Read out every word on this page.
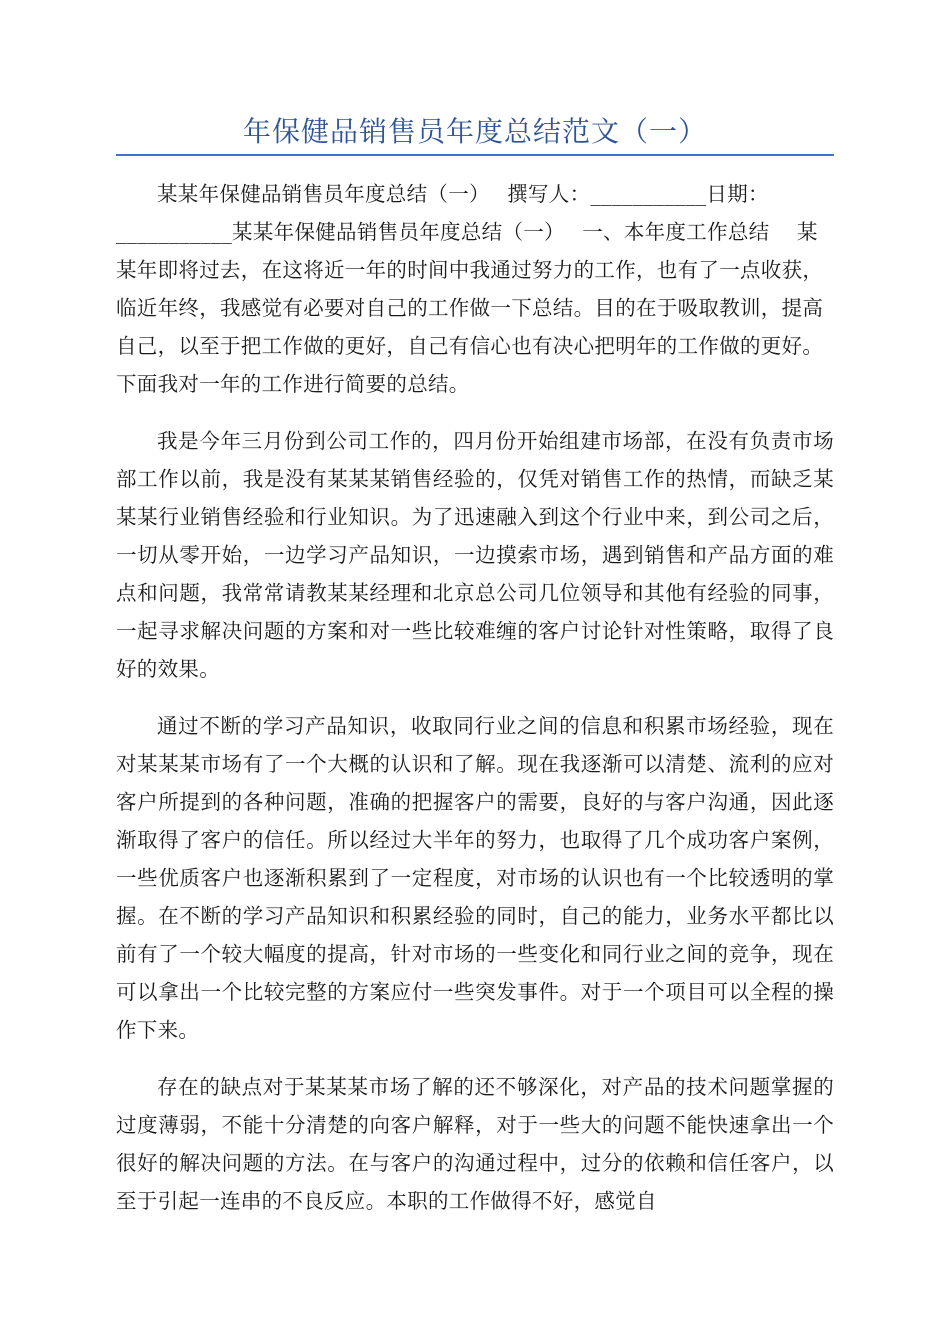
年保健品销售员年度总结范文（一）

某某年保健品销售员年度总结（一）　 撰写人：___________日期：___________某某年保健品销售员年度总结（一）　 一、本年度工作总结　 某某年即将过去，在这将近一年的时间中我通过努力的工作，也有了一点收获，临近年终，我感觉有必要对自己的工作做一下总结。目的在于吸取教训，提高自己，以至于把工作做的更好，自己有信心也有决心把明年的工作做的更好。下面我对一年的工作进行简要的总结。

我是今年三月份到公司工作的，四月份开始组建市场部，在没有负责市场部工作以前，我是没有某某某销售经验的，仅凭对销售工作的热情，而缺乏某某某行业销售经验和行业知识。为了迅速融入到这个行业中来，到公司之后，一切从零开始，一边学习产品知识，一边摸索市场，遇到销售和产品方面的难点和问题，我常常请教某某经理和北京总公司几位领导和其他有经验的同事，一起寻求解决问题的方案和对一些比较难缠的客户讨论针对性策略，取得了良好的效果。

通过不断的学习产品知识，收取同行业之间的信息和积累市场经验，现在对某某某市场有了一个大概的认识和了解。现在我逐渐可以清楚、流利的应对客户所提到的各种问题，准确的把握客户的需要，良好的与客户沟通，因此逐渐取得了客户的信任。所以经过大半年的努力，也取得了几个成功客户案例，一些优质客户也逐渐积累到了一定程度，对市场的认识也有一个比较透明的掌握。在不断的学习产品知识和积累经验的同时，自己的能力，业务水平都比以前有了一个较大幅度的提高，针对市场的一些变化和同行业之间的竞争，现在可以拿出一个比较完整的方案应付一些突发事件。对于一个项目可以全程的操作下来。

存在的缺点对于某某某市场了解的还不够深化，对产品的技术问题掌握的过度薄弱，不能十分清楚的向客户解释，对于一些大的问题不能快速拿出一个很好的解决问题的方法。在与客户的沟通过程中，过分的依赖和信任客户，以至于引起一连串的不良反应。本职的工作做得不好，感觉自
